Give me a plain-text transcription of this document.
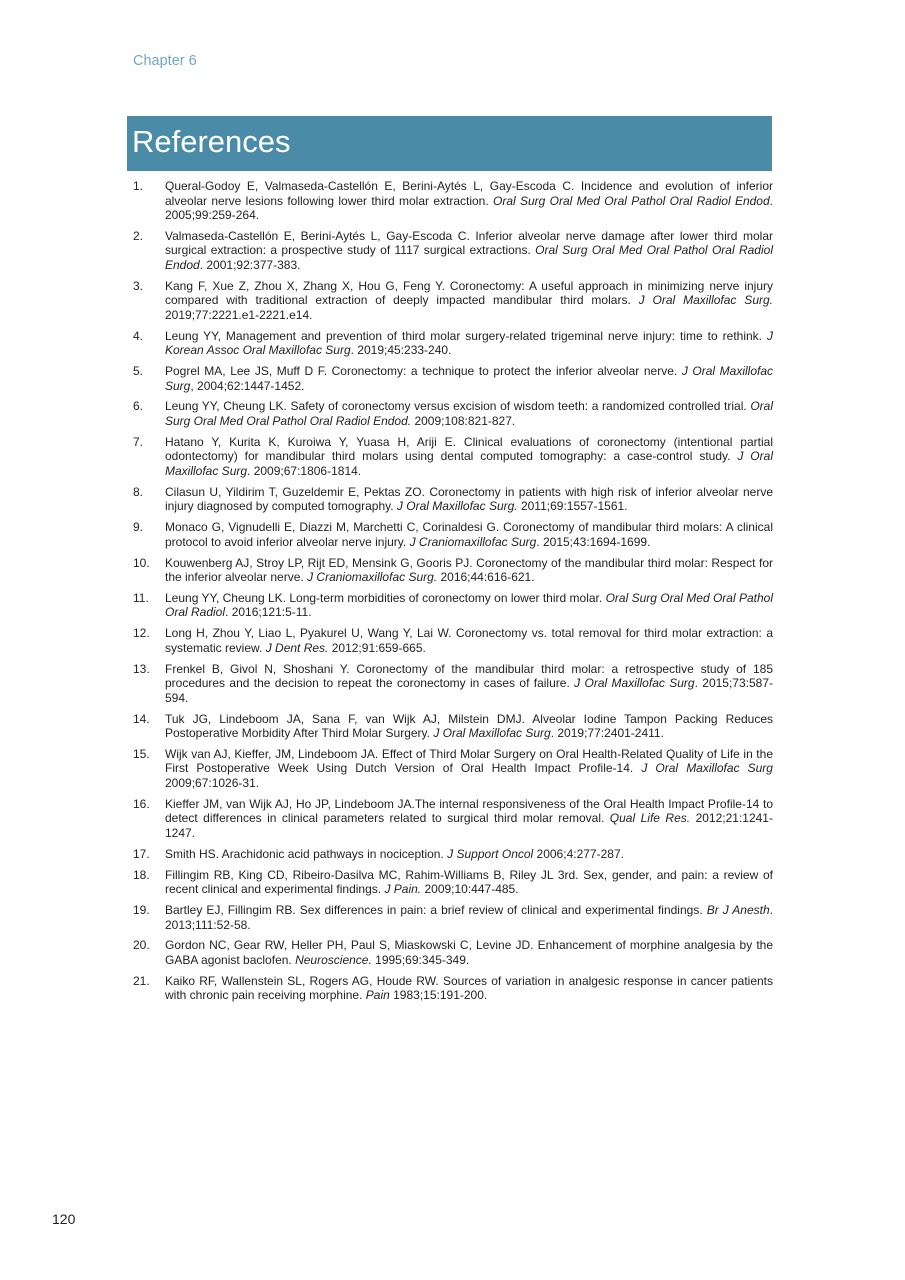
Chapter 6
References
1. Queral-Godoy E, Valmaseda-Castellón E, Berini-Aytés L, Gay-Escoda C. Incidence and evolution of inferior alveolar nerve lesions following lower third molar extraction. Oral Surg Oral Med Oral Pathol Oral Radiol Endod. 2005;99:259-264.
2. Valmaseda-Castellón E, Berini-Aytés L, Gay-Escoda C. Inferior alveolar nerve damage after lower third molar surgical extraction: a prospective study of 1117 surgical extractions. Oral Surg Oral Med Oral Pathol Oral Radiol Endod. 2001;92:377-383.
3. Kang F, Xue Z, Zhou X, Zhang X, Hou G, Feng Y. Coronectomy: A useful approach in minimizing nerve injury compared with traditional extraction of deeply impacted mandibular third molars. J Oral Maxillofac Surg. 2019;77:2221.e1-2221.e14.
4. Leung YY, Management and prevention of third molar surgery-related trigeminal nerve injury: time to rethink. J Korean Assoc Oral Maxillofac Surg. 2019;45:233-240.
5. Pogrel MA, Lee JS, Muff D F. Coronectomy: a technique to protect the inferior alveolar nerve. J Oral Maxillofac Surg, 2004;62:1447-1452.
6. Leung YY, Cheung LK. Safety of coronectomy versus excision of wisdom teeth: a randomized controlled trial. Oral Surg Oral Med Oral Pathol Oral Radiol Endod. 2009;108:821-827.
7. Hatano Y, Kurita K, Kuroiwa Y, Yuasa H, Ariji E. Clinical evaluations of coronectomy (intentional partial odontectomy) for mandibular third molars using dental computed tomography: a case-control study. J Oral Maxillofac Surg. 2009;67:1806-1814.
8. Cilasun U, Yildirim T, Guzeldemir E, Pektas ZO. Coronectomy in patients with high risk of inferior alveolar nerve injury diagnosed by computed tomography. J Oral Maxillofac Surg. 2011;69:1557-1561.
9. Monaco G, Vignudelli E, Diazzi M, Marchetti C, Corinaldesi G. Coronectomy of mandibular third molars: A clinical protocol to avoid inferior alveolar nerve injury. J Craniomaxillofac Surg. 2015;43:1694-1699.
10. Kouwenberg AJ, Stroy LP, Rijt ED, Mensink G, Gooris PJ. Coronectomy of the mandibular third molar: Respect for the inferior alveolar nerve. J Craniomaxillofac Surg. 2016;44:616-621.
11. Leung YY, Cheung LK. Long-term morbidities of coronectomy on lower third molar. Oral Surg Oral Med Oral Pathol Oral Radiol. 2016;121:5-11.
12. Long H, Zhou Y, Liao L, Pyakurel U, Wang Y, Lai W. Coronectomy vs. total removal for third molar extraction: a systematic review. J Dent Res. 2012;91:659-665.
13. Frenkel B, Givol N, Shoshani Y. Coronectomy of the mandibular third molar: a retrospective study of 185 procedures and the decision to repeat the coronectomy in cases of failure. J Oral Maxillofac Surg. 2015;73:587-594.
14. Tuk JG, Lindeboom JA, Sana F, van Wijk AJ, Milstein DMJ. Alveolar Iodine Tampon Packing Reduces Postoperative Morbidity After Third Molar Surgery. J Oral Maxillofac Surg. 2019;77:2401-2411.
15. Wijk van AJ, Kieffer, JM, Lindeboom JA. Effect of Third Molar Surgery on Oral Health-Related Quality of Life in the First Postoperative Week Using Dutch Version of Oral Health Impact Profile-14. J Oral Maxillofac Surg 2009;67:1026-31.
16. Kieffer JM, van Wijk AJ, Ho JP, Lindeboom JA.The internal responsiveness of the Oral Health Impact Profile-14 to detect differences in clinical parameters related to surgical third molar removal. Qual Life Res. 2012;21:1241-1247.
17. Smith HS. Arachidonic acid pathways in nociception. J Support Oncol 2006;4:277-287.
18. Fillingim RB, King CD, Ribeiro-Dasilva MC, Rahim-Williams B, Riley JL 3rd. Sex, gender, and pain: a review of recent clinical and experimental findings. J Pain. 2009;10:447-485.
19. Bartley EJ, Fillingim RB. Sex differences in pain: a brief review of clinical and experimental findings. Br J Anesth. 2013;111:52-58.
20. Gordon NC, Gear RW, Heller PH, Paul S, Miaskowski C, Levine JD. Enhancement of morphine analgesia by the GABA agonist baclofen. Neuroscience. 1995;69:345-349.
21. Kaiko RF, Wallenstein SL, Rogers AG, Houde RW. Sources of variation in analgesic response in cancer patients with chronic pain receiving morphine. Pain 1983;15:191-200.
120
